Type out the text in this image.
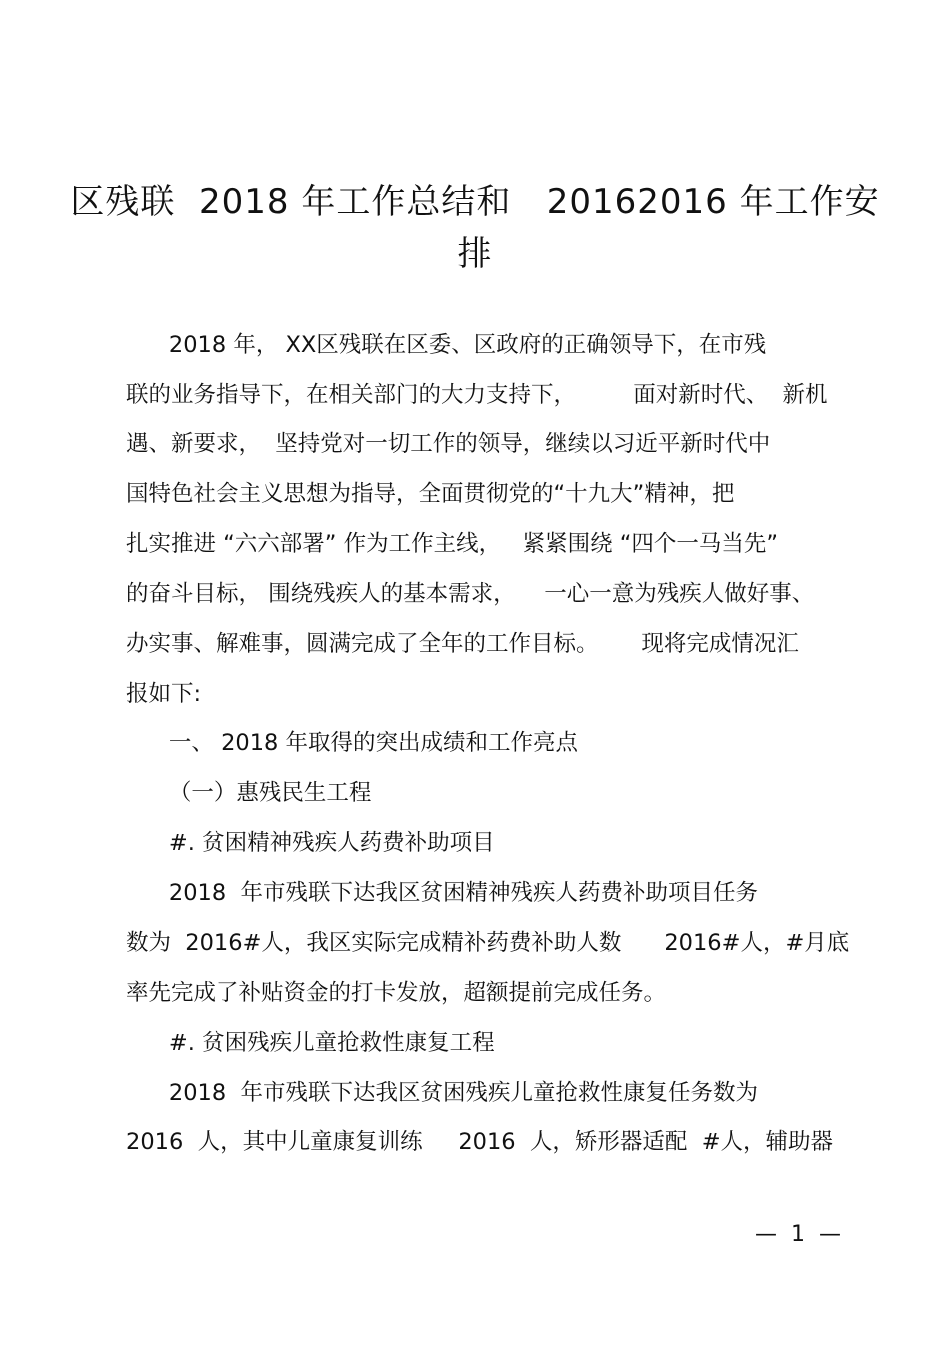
区残联  2018 年工作总结和   20162016 年工作安
排
2018 年， XX区残联在区委、区政府的正确领导下，在市残
联的业务指导下，在相关部门的大力支持下，        面对新时代、  新机
遇、新要求，  坚持党对一切工作的领导，继续以习近平新时代中
国特色社会主义思想为指导，全面贯彻党的“十九大”精神，把
扎实推进 “六六部署” 作为工作主线，   紧紧围绕 “四个一马当先”
的奋斗目标， 围绕残疾人的基本需求，    一心一意为残疾人做好事、
办实事、解难事，圆满完成了全年的工作目标。      现将完成情况汇
报如下:
一、 2018 年取得的突出成绩和工作亮点
（一）惠残民生工程
#. 贫困精神残疾人药费补助项目
2018  年市残联下达我区贫困精神残疾人药费补助项目任务
数为  2016#人，我区实际完成精补药费补助人数      2016#人，#月底
率先完成了补贴资金的打卡发放，超额提前完成任务。
#. 贫困残疾儿童抢救性康复工程
2018  年市残联下达我区贫困残疾儿童抢救性康复任务数为
2016  人，其中儿童康复训练     2016  人，矫形器适配  #人，辅助器
—  1  —
